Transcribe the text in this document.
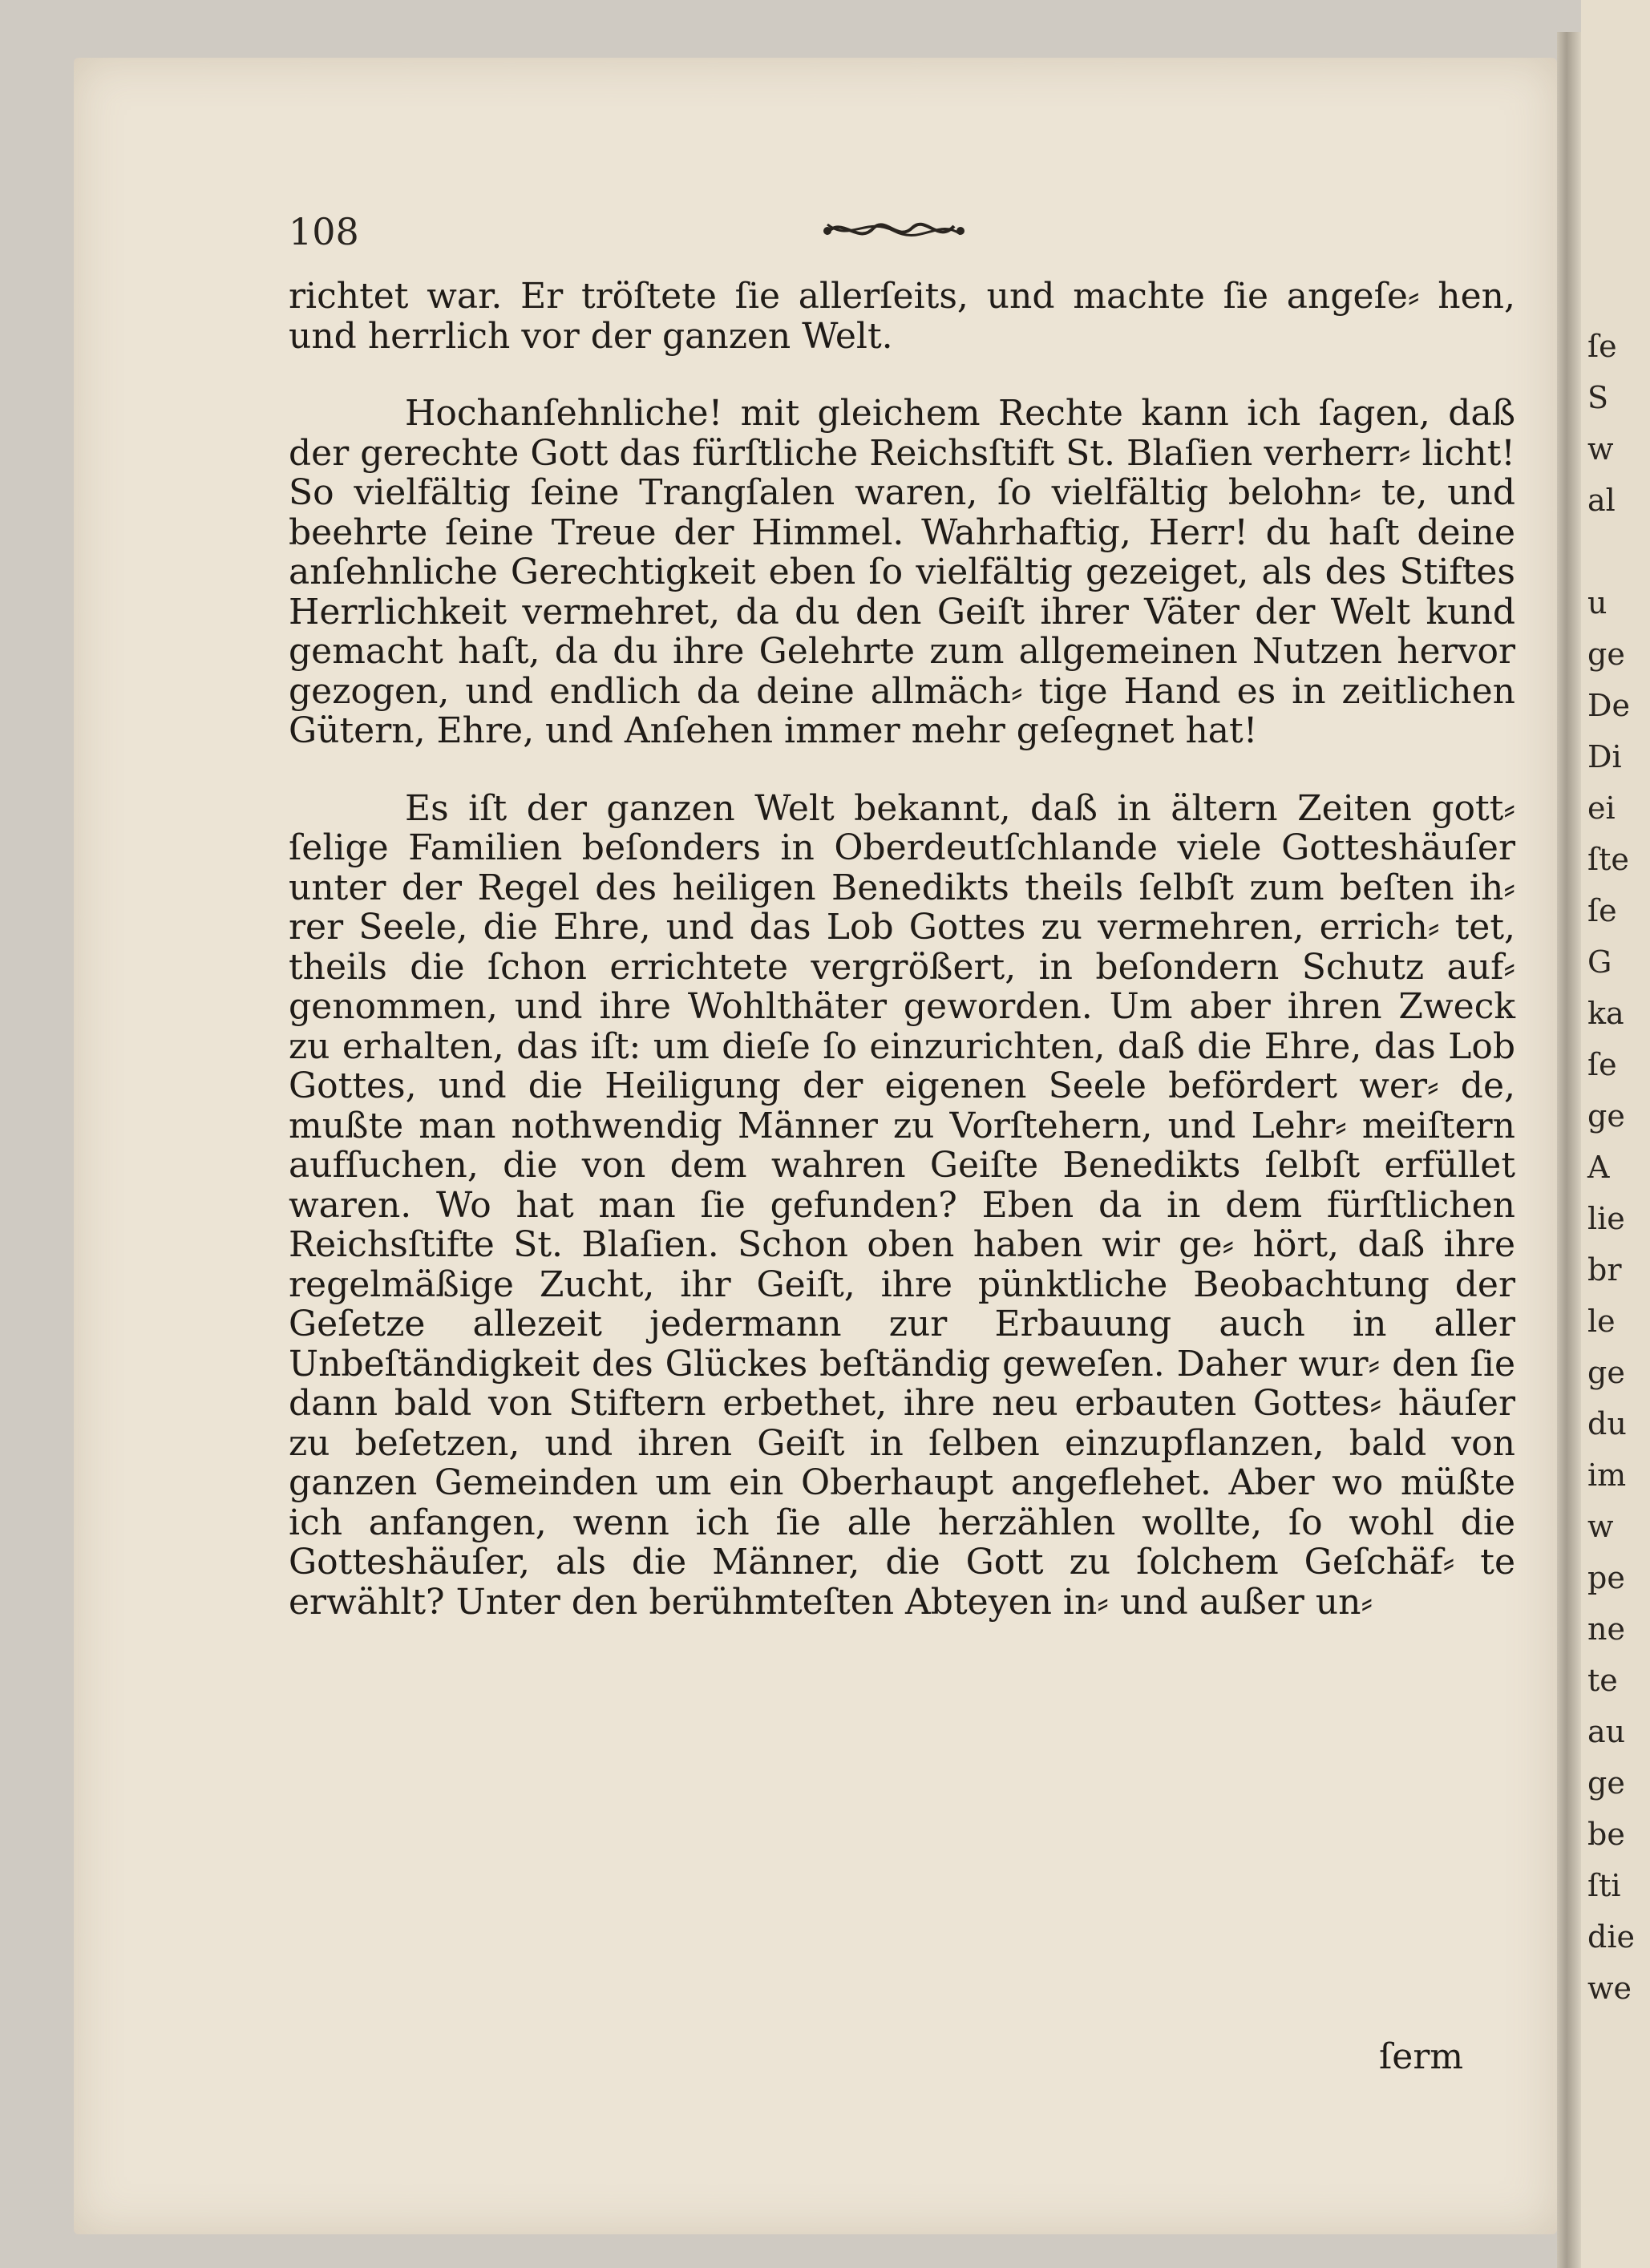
108

richtet war. Er tröſtete ſie allerſeits, und machte ſie angeſe⸗ hen, und herrlich vor der ganzen Welt.

Hochanſehnliche! mit gleichem Rechte kann ich ſagen, daß der gerechte Gott das fürſtliche Reichsſtift St. Blaſien verherr⸗ licht! So vielfältig ſeine Trangſalen waren, ſo vielfältig belohn⸗ te, und beehrte ſeine Treue der Himmel. Wahrhaftig, Herr! du haſt deine anſehnliche Gerechtigkeit eben ſo vielfältig gezeiget, als des Stiftes Herrlichkeit vermehret, da du den Geiſt ihrer Väter der Welt kund gemacht haſt, da du ihre Gelehrte zum allgemeinen Nutzen hervor gezogen, und endlich da deine allmäch⸗ tige Hand es in zeitlichen Gütern, Ehre, und Anſehen immer mehr geſegnet hat!

Es iſt der ganzen Welt bekannt, daß in ältern Zeiten gott⸗ ſelige Familien beſonders in Oberdeutſchlande viele Gotteshäuſer unter der Regel des heiligen Benedikts theils ſelbſt zum beſten ih⸗ rer Seele, die Ehre, und das Lob Gottes zu vermehren, errich⸗ tet, theils die ſchon errichtete vergrößert, in beſondern Schutz auf⸗ genommen, und ihre Wohlthäter geworden. Um aber ihren Zweck zu erhalten, das iſt: um dieſe ſo einzurichten, daß die Ehre, das Lob Gottes, und die Heiligung der eigenen Seele befördert wer⸗ de, mußte man nothwendig Männer zu Vorſtehern, und Lehr⸗ meiſtern aufſuchen, die von dem wahren Geiſte Benedikts ſelbſt erfüllet waren. Wo hat man ſie gefunden? Eben da in dem fürſtlichen Reichsſtifte St. Blaſien. Schon oben haben wir ge⸗ hört, daß ihre regelmäßige Zucht, ihr Geiſt, ihre pünktliche Beobachtung der Geſetze allezeit jedermann zur Erbauung auch in aller Unbeſtändigkeit des Glückes beſtändig geweſen. Daher wur⸗ den ſie dann bald von Stiftern erbethet, ihre neu erbauten Gottes⸗ häuſer zu beſetzen, und ihren Geiſt in ſelben einzupflanzen, bald von ganzen Gemeinden um ein Oberhaupt angeflehet. Aber wo müßte ich anfangen, wenn ich ſie alle herzählen wollte, ſo wohl die Gotteshäuſer, als die Männer, die Gott zu ſolchem Geſchäf⸗ te erwählt? Unter den berühmteſten Abteyen in⸗ und außer un⸗

ſerm
ſe
S
w
al

u
ge
De
Di
ei
ſte
ſe
G
ka
ſe
ge
A
lie
br
le
ge
du
im
w
pe
ne
te
au
ge
be
ſti
die
we
